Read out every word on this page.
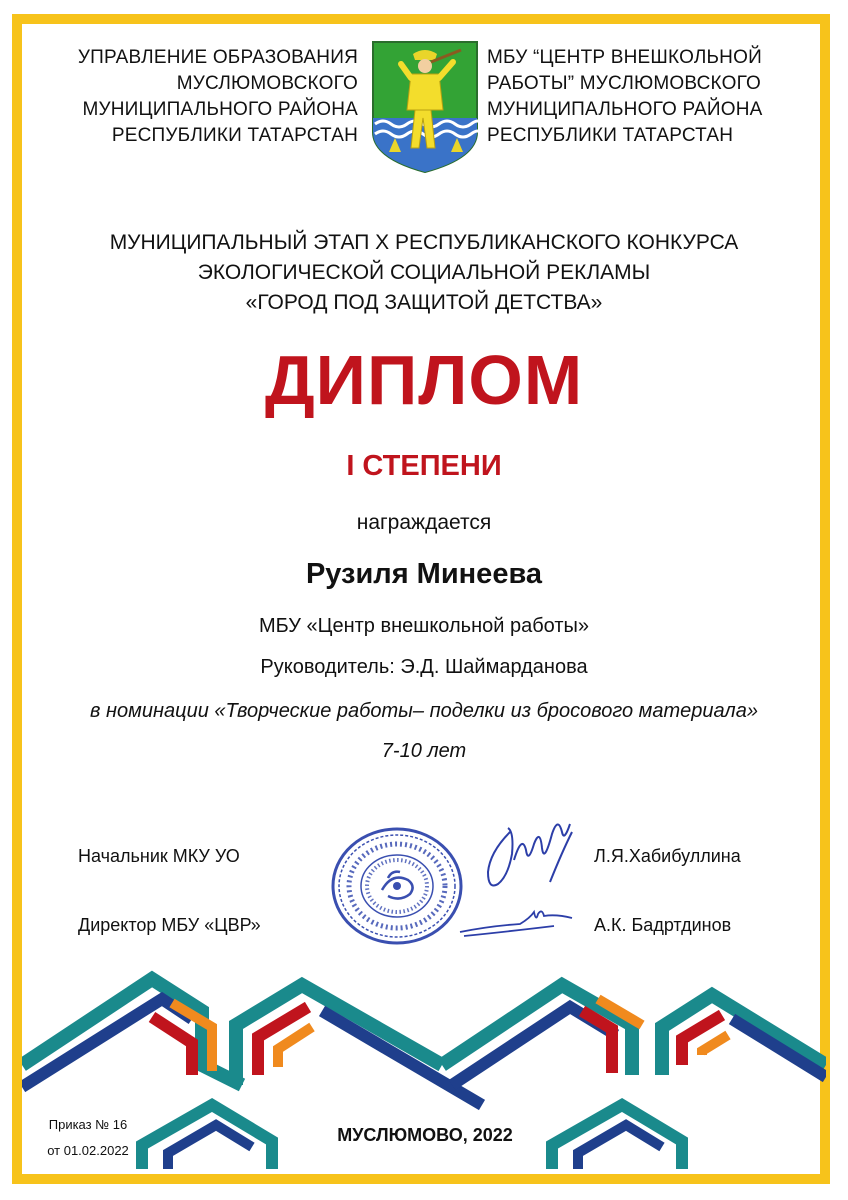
УПРАВЛЕНИЕ ОБРАЗОВАНИЯ
МУСЛЮМОВСКОГО
МУНИЦИПАЛЬНОГО РАЙОНА
РЕСПУБЛИКИ ТАТАРСТАН
МБУ “ЦЕНТР ВНЕШКОЛЬНОЙ
РАБОТЫ” МУСЛЮМОВСКОГО
МУНИЦИПАЛЬНОГО РАЙОНА
РЕСПУБЛИКИ ТАТАРСТАН
МУНИЦИПАЛЬНЫЙ ЭТАП X РЕСПУБЛИКАНСКОГО КОНКУРСА
ЭКОЛОГИЧЕСКОЙ СОЦИАЛЬНОЙ РЕКЛАМЫ
«ГОРОД ПОД ЗАЩИТОЙ ДЕТСТВА»
ДИПЛОМ
I СТЕПЕНИ
награждается
Рузиля Минеева
МБУ «Центр внешкольной работы»
Руководитель: Э.Д. Шаймарданова
в номинации «Творческие работы– поделки из бросового материала»
7-10 лет
Начальник МКУ УО	Л.Я.Хабибуллина
Директор МБУ «ЦВР»	А.К. Бадртдинов
Приказ № 16
от 01.02.2022
МУСЛЮМОВО, 2022
